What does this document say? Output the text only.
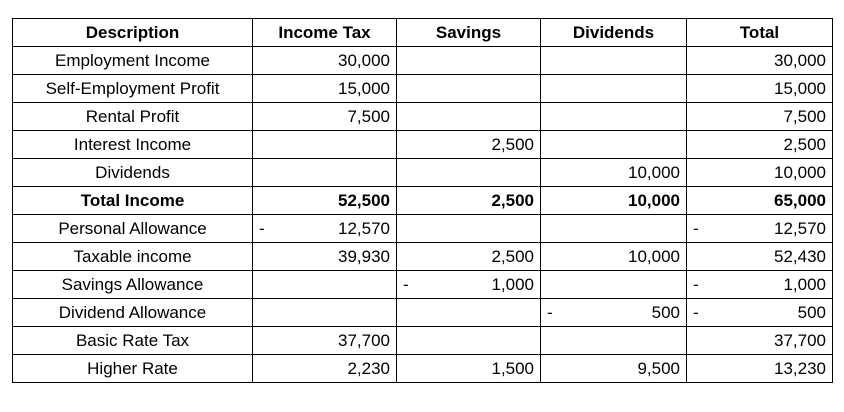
Description	Income Tax	Savings	Dividends	Total
Employment Income	30,000			30,000
Self-Employment Profit	15,000			15,000
Rental Profit	7,500			7,500
Interest Income		2,500		2,500
Dividends			10,000	10,000
Total Income	52,500	2,500	10,000	65,000
Personal Allowance	- 12,570			- 12,570
Taxable income	39,930	2,500	10,000	52,430
Savings Allowance		- 1,000		- 1,000
Dividend Allowance			- 500	- 500
Basic Rate Tax	37,700			37,700
Higher Rate	2,230	1,500	9,500	13,230
